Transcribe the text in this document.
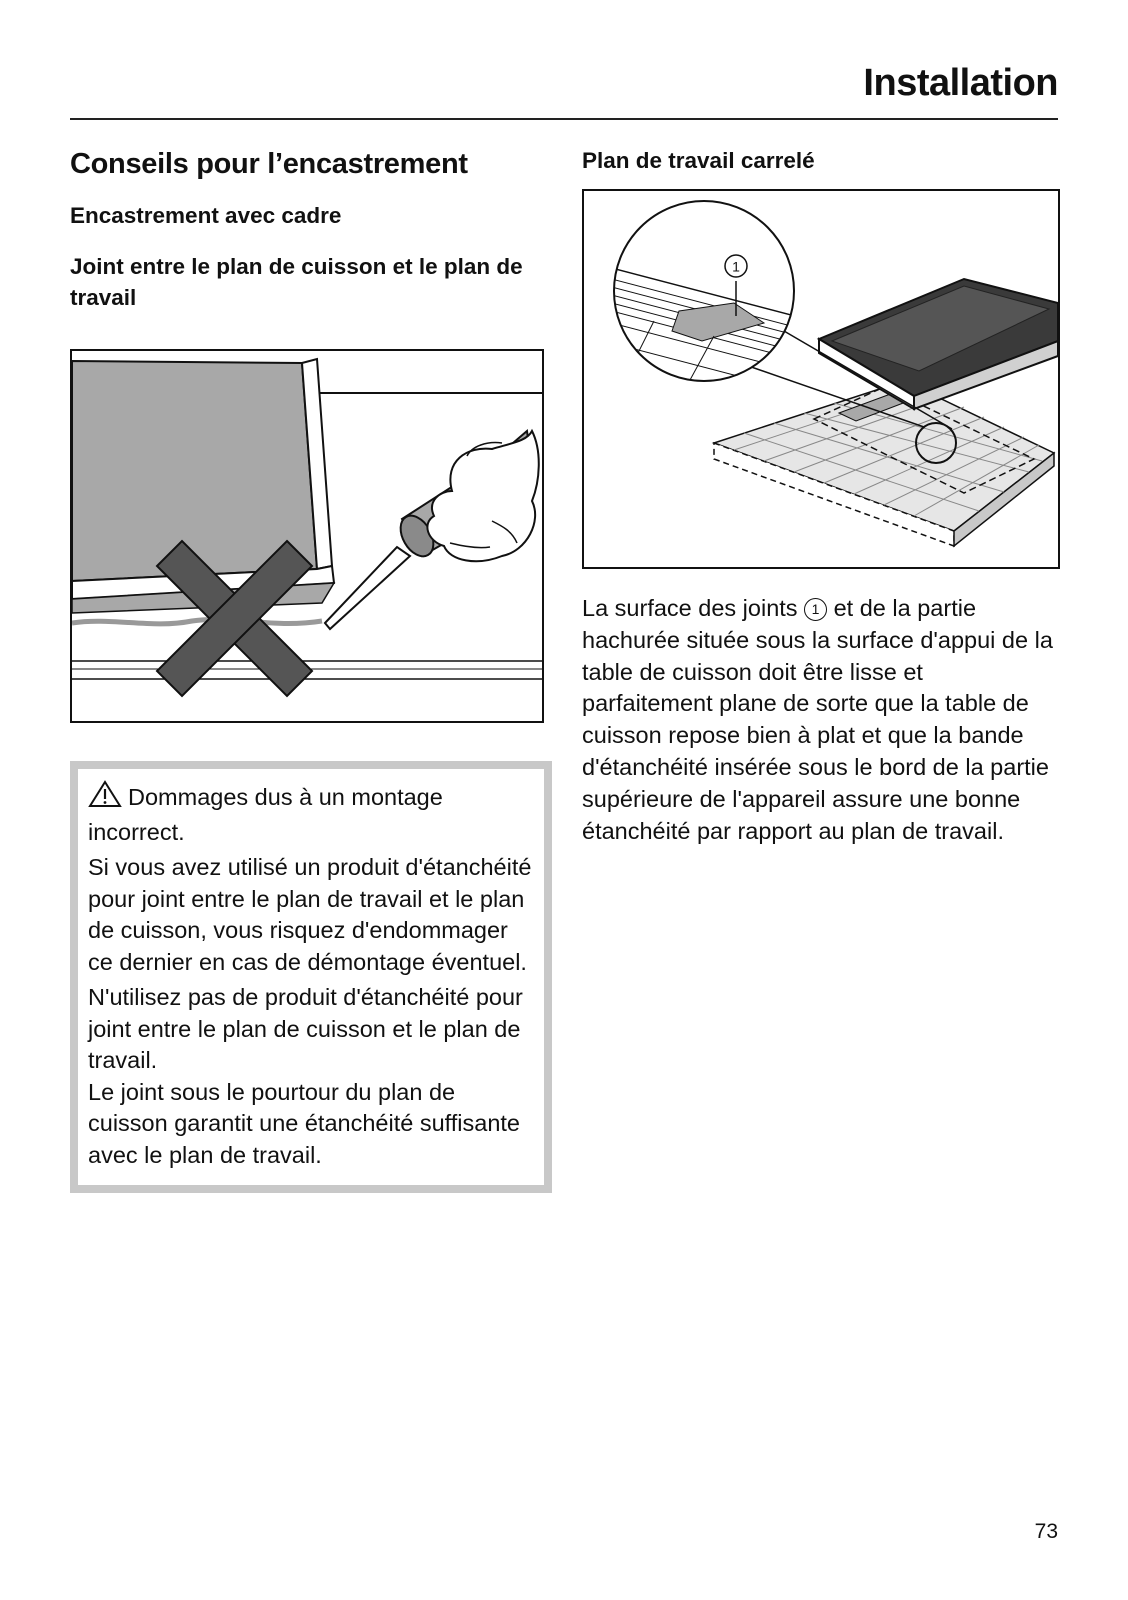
Installation
Conseils pour l’encastrement
Encastrement avec cadre
Joint entre le plan de cuisson et le plan de travail

Dommages dus à un montage incorrect.

Si vous avez utilisé un produit d'étanchéité pour joint entre le plan de travail et le plan de cuisson, vous risquez d'endommager ce dernier en cas de démontage éventuel.

N'utilisez pas de produit d'étanchéité pour joint entre le plan de cuisson et le plan de travail.

Le joint sous le pourtour du plan de cuisson garantit une étanchéité suffisante avec le plan de travail.

Plan de travail carrelé
1

La surface des joints 1 et de la partie hachurée située sous la surface d'appui de la table de cuisson doit être lisse et parfaitement plane de sorte que la table de cuisson repose bien à plat et que la bande d'étanchéité insérée sous le bord de la partie supérieure de l'appareil assure une bonne étanchéité par rapport au plan de travail.

73
